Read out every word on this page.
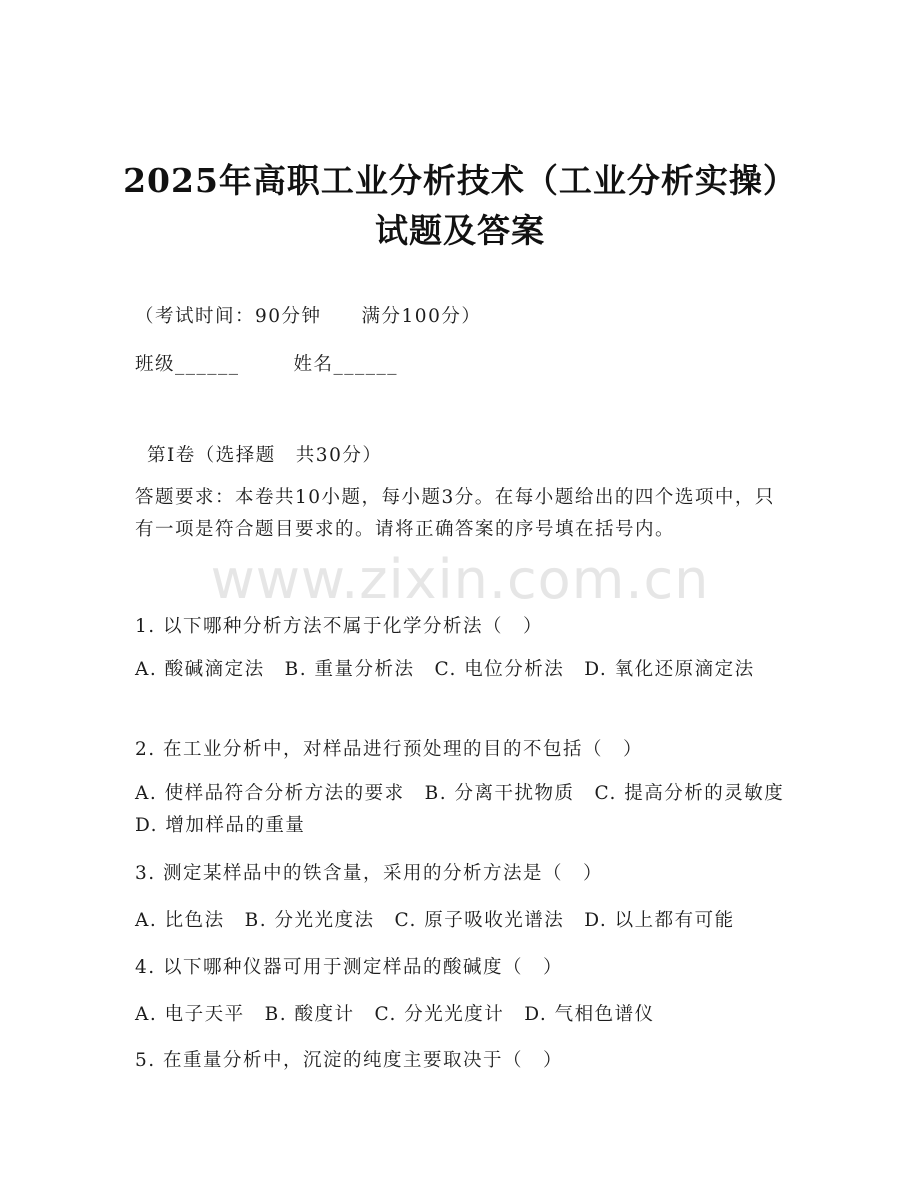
2025年高职工业分析技术（工业分析实操）
试题及答案
（考试时间：90分钟　　满分100分）
班级______	姓名______
第Ⅰ卷（选择题　共30分）
答题要求：本卷共10小题，每小题3分。在每小题给出的四个选项中，只有一项是符合题目要求的。请将正确答案的序号填在括号内。
www.zixin.com.cn
1. 以下哪种分析方法不属于化学分析法（　）
A. 酸碱滴定法　B. 重量分析法　C. 电位分析法　D. 氧化还原滴定法
2. 在工业分析中，对样品进行预处理的目的不包括（　）
A. 使样品符合分析方法的要求　B. 分离干扰物质　C. 提高分析的灵敏度　D. 增加样品的重量
3. 测定某样品中的铁含量，采用的分析方法是（　）
A. 比色法　B. 分光光度法　C. 原子吸收光谱法　D. 以上都有可能
4. 以下哪种仪器可用于测定样品的酸碱度（　）
A. 电子天平　B. 酸度计　C. 分光光度计　D. 气相色谱仪
5. 在重量分析中，沉淀的纯度主要取决于（　）
